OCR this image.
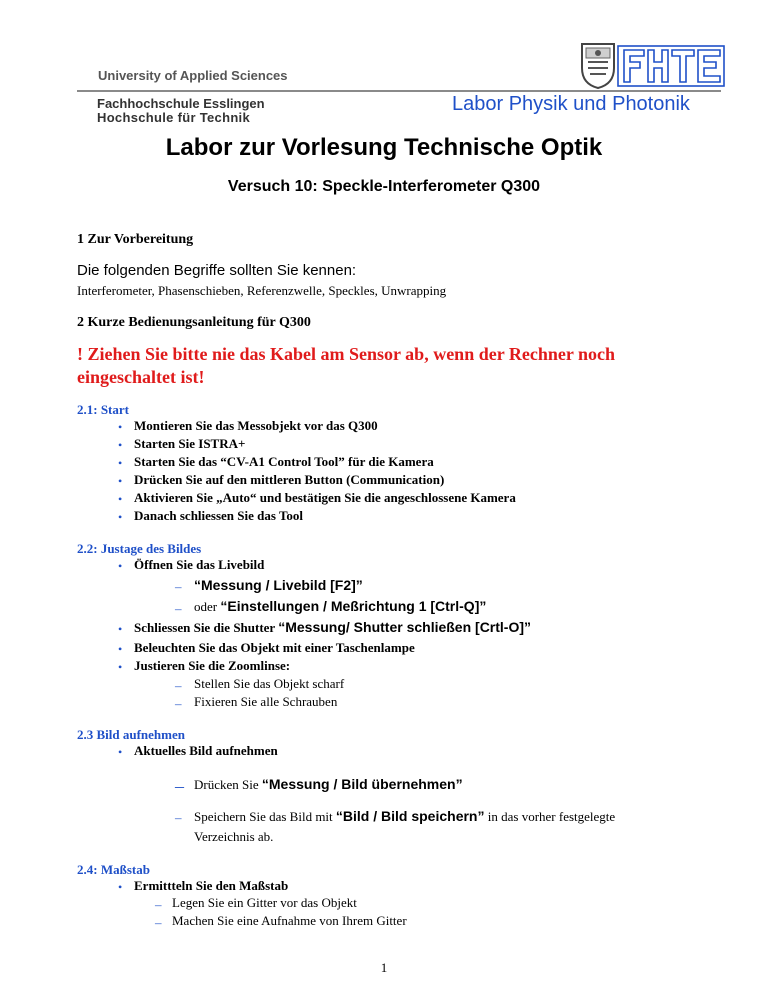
University of Applied Sciences
Fachhochschule Esslingen
Hochschule für Technik
Labor Physik und Photonik
FHTE
Labor zur Vorlesung Technische Optik
Versuch 10: Speckle-Interferometer Q300
1 Zur Vorbereitung
Die folgenden Begriffe sollten Sie kennen:
Interferometer, Phasenschieben, Referenzwelle, Speckles, Unwrapping
2 Kurze Bedienungsanleitung für Q300
! Ziehen Sie bitte nie das Kabel am Sensor ab, wenn der Rechner noch
eingeschaltet ist!
2.1: Start
• Montieren Sie das Messobjekt vor das Q300
• Starten Sie ISTRA+
• Starten Sie das “CV-A1 Control Tool” für die Kamera
• Drücken Sie auf den mittleren Button (Communication)
• Aktivieren Sie „Auto“ und bestätigen Sie die angeschlossene Kamera
• Danach schliessen Sie das Tool
2.2: Justage des Bildes
• Öffnen Sie das Livebild
– “Messung / Livebild [F2]”
– oder “Einstellungen / Meßrichtung 1 [Ctrl-Q]”
• Schliessen Sie die Shutter “Messung/ Shutter schließen [Crtl-O]”
• Beleuchten Sie das Objekt mit einer Taschenlampe
• Justieren Sie die Zoomlinse:
– Stellen Sie das Objekt scharf
– Fixieren Sie alle Schrauben
2.3 Bild aufnehmen
• Aktuelles Bild aufnehmen
– Drücken Sie “Messung / Bild übernehmen”
– Speichern Sie das Bild mit “Bild / Bild speichern” in das vorher festgelegte
Verzeichnis ab.
2.4: Maßstab
• Ermittteln Sie den Maßstab
– Legen Sie ein Gitter vor das Objekt
– Machen Sie eine Aufnahme von Ihrem Gitter
1
